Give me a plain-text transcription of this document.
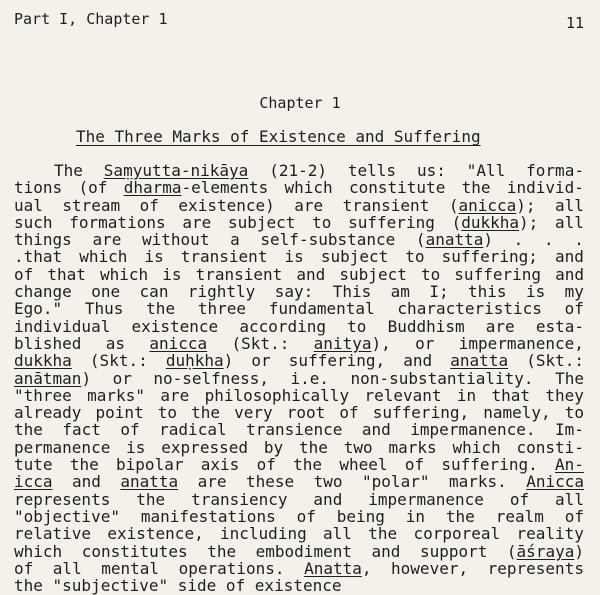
Part I, Chapter 1	11
Chapter 1
The Three Marks of Existence and Suffering
The Saṃyutta-nikāya (21-2) tells us: "All forma-
tions (of dharma-elements which constitute the individ-
ual stream of existence) are transient (anicca); all
such formations are subject to suffering (dukkha); all
things are without a self-substance (anatta) . . .
.that which is transient is subject to suffering; and
of that which is transient and subject to suffering and
change one can rightly say: This am I; this is my
Ego." Thus the three fundamental characteristics of
individual existence according to Buddhism are esta-
blished as anicca (Skt.: anitya), or impermanence,
dukkha (Skt.: duḥkha) or suffering, and anatta (Skt.:
anātman) or no-selfness, i.e. non-substantiality. The
"three marks" are philosophically relevant in that they
already point to the very root of suffering, namely, to
the fact of radical transience and impermanence. Im-
permanence is expressed by the two marks which consti-
tute the bipolar axis of the wheel of suffering. An-
icca and anatta are these two "polar" marks. Anicca
represents the transiency and impermanence of all
"objective" manifestations of being in the realm of
relative existence, including all the corporeal reality
which constitutes the embodiment and support (āśraya)
of all mental operations. Anatta, however, represents
the "subjective" side of existence
